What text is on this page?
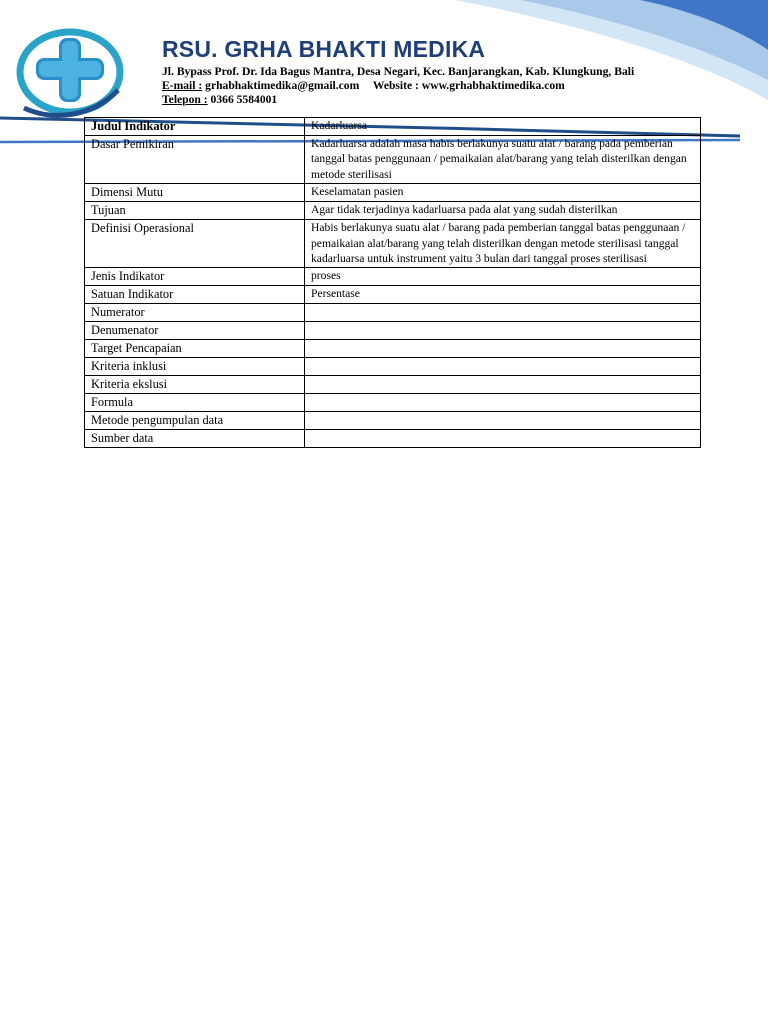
RSU. GRHA BHAKTI MEDIKA
Jl. Bypass Prof. Dr. Ida Bagus Mantra, Desa Negari, Kec. Banjarangkan, Kab. Klungkung, Bali
E-mail : grhabhaktimedika@gmail.com Website : www.grhabhaktimedika.com
Telepon : 0366 5584001
Judul Indikator	Kadarluarsa
Dasar Pemikiran	Kadarluarsa adalah masa habis berlakunya suatu alat / barang pada pemberian tanggal batas penggunaan / pemaikaian alat/barang yang telah disterilkan dengan metode sterilisasi
Dimensi Mutu	Keselamatan pasien
Tujuan	Agar tidak terjadinya kadarluarsa pada alat yang sudah disterilkan
Definisi Operasional	Habis berlakunya suatu alat / barang pada pemberian tanggal batas penggunaan / pemaikaian alat/barang yang telah disterilkan dengan metode sterilisasi tanggal kadarluarsa untuk instrument yaitu 3 bulan dari tanggal proses sterilisasi
Jenis Indikator	proses
Satuan Indikator	Persentase
Numerator	
Denumenator	
Target Pencapaian	
Kriteria inklusi	
Kriteria ekslusi	
Formula	
Metode pengumpulan data	
Sumber data	
